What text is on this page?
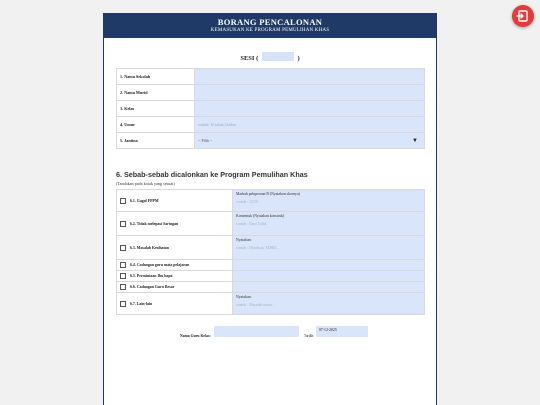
BORANG PENCALONAN
KEMASUKAN KE PROGRAM PEMULIHAN KHAS
SESI (	)
1. Nama Sekolah	
2. Nama Murid	
3. Kelas	
4. Umur	contoh: 10 tahun 3 bulan
5. Jantina	-- Pilih -- ▼
6. Sebab-sebab dicalonkan ke Program Pemulihan Khas
(Tandakan pada kotak yang sesuai)
6.1. Gagal FPPM	Markah peluperaan B (Nyatakan skornya)
contoh : 12/30

6.2. Tidak melepasi Saringan	Komentuk (Nyatakan konstruk)
contoh : Baca Tulisi

6.3. Masalah Kesihatan	Nyatakan:
contoh : Disleksia, ADHD...

6.4. Cadangan guru mata pelajaran	
6.5. Permintaan Ibu bapa	
6.6. Cadangan Guru Besar	
6.7. Lain-lain	Nyatakan:
contoh : Masalah emosi...
Nama Guru Kelas:	Tarikh:
07-12-2025
